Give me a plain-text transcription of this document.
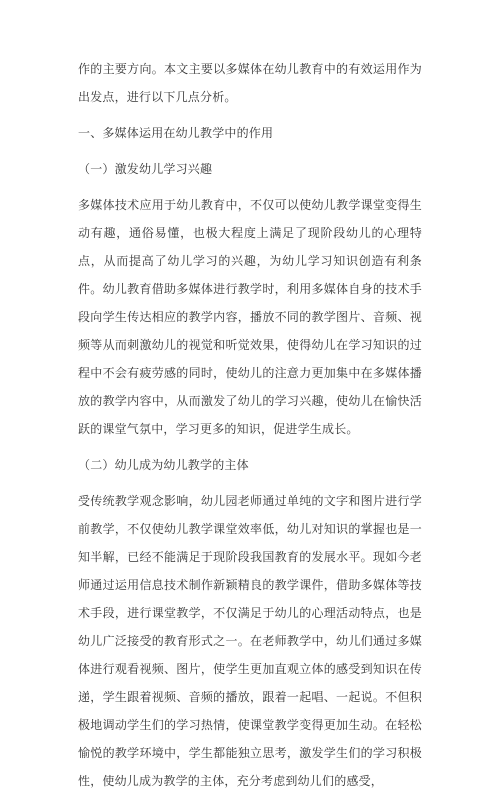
作的主要方向。本文主要以多媒体在幼儿教育中的有效运用作为出发点，进行以下几点分析。

一、多媒体运用在幼儿教学中的作用

（一）激发幼儿学习兴趣

多媒体技术应用于幼儿教育中，不仅可以使幼儿教学课堂变得生动有趣，通俗易懂，也极大程度上满足了现阶段幼儿的心理特点，从而提高了幼儿学习的兴趣，为幼儿学习知识创造有利条件。幼儿教育借助多媒体进行教学时，利用多媒体自身的技术手段向学生传达相应的教学内容，播放不同的教学图片、音频、视频等从而刺激幼儿的视觉和听觉效果，使得幼儿在学习知识的过程中不会有疲劳感的同时，使幼儿的注意力更加集中在多媒体播放的教学内容中，从而激发了幼儿的学习兴趣，使幼儿在愉快活跃的课堂气氛中，学习更多的知识，促进学生成长。

（二）幼儿成为幼儿教学的主体

受传统教学观念影响，幼儿园老师通过单纯的文字和图片进行学前教学，不仅使幼儿教学课堂效率低，幼儿对知识的掌握也是一知半解，已经不能满足于现阶段我国教育的发展水平。现如今老师通过运用信息技术制作新颖精良的教学课件，借助多媒体等技术手段，进行课堂教学，不仅满足于幼儿的心理活动特点，也是幼儿广泛接受的教育形式之一。在老师教学中，幼儿们通过多媒体进行观看视频、图片，使学生更加直观立体的感受到知识在传递，学生跟着视频、音频的播放，跟着一起唱、一起说。不但积极地调动学生们的学习热情，使课堂教学变得更加生动。在轻松愉悦的教学环境中，学生都能独立思考，激发学生们的学习积极性，使幼儿成为教学的主体，充分考虑到幼儿们的感受，
